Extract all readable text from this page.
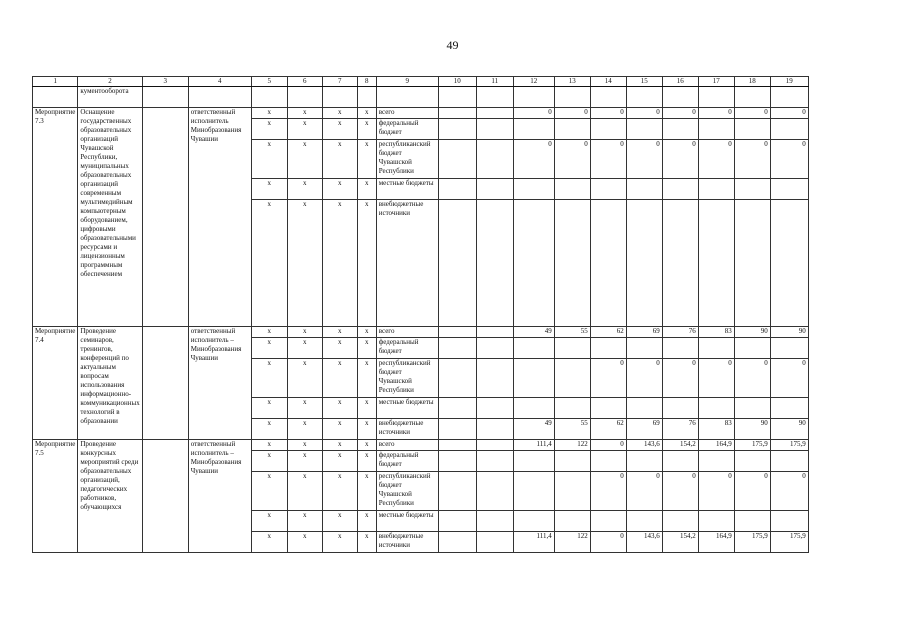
49
1	2	3	4	5	6	7	8	9	10	11	12	13	14	15	16	17	18	19
	кументооборота																	
Мероприятие 7.3	Оснащение государственных образовательных организаций Чувашской Республики, муниципальных образовательных организаций современным мультимедийным компьютерным оборудованием, цифровыми образовательными ресурсами и лицензионным программным обеспечением		ответственный исполнитель Минобразования Чувашии	х	х	х	х	всего			0	0	0	0	0	0	0	0
				х	х	х	х	федеральный бюджет										
				х	х	х	х	республиканский бюджет Чувашской Республики			0	0	0	0	0	0	0	0
				х	х	х	х	местные бюджеты										
				х	х	х	х	внебюджетные источники										
Мероприятие 7.4	Проведение семинаров, тренингов, конференций по актуальным вопросам использования информационно-коммуникационных технологий в образовании		ответственный исполнитель – Минобразования Чувашии	х	х	х	х	всего			49	55	62	69	76	83	90	90
				х	х	х	х	федеральный бюджет										
				х	х	х	х	республиканский бюджет Чувашской Республики					0	0	0	0	0	0
				х	х	х	х	местные бюджеты										
				х	х	х	х	внебюджетные источники			49	55	62	69	76	83	90	90
Мероприятие 7.5	Проведение конкурсных мероприятий среди образовательных организаций, педагогических работников, обучающихся		ответственный исполнитель – Минобразования Чувашии	х	х	х	х	всего			111,4	122	0	143,6	154,2	164,9	175,9	175,9
				х	х	х	х	федеральный бюджет										
				х	х	х	х	республиканский бюджет Чувашской Республики					0	0	0	0	0	0
				х	х	х	х	местные бюджеты										
				х	х	х	х	внебюджетные источники			111,4	122	0	143,6	154,2	164,9	175,9	175,9
